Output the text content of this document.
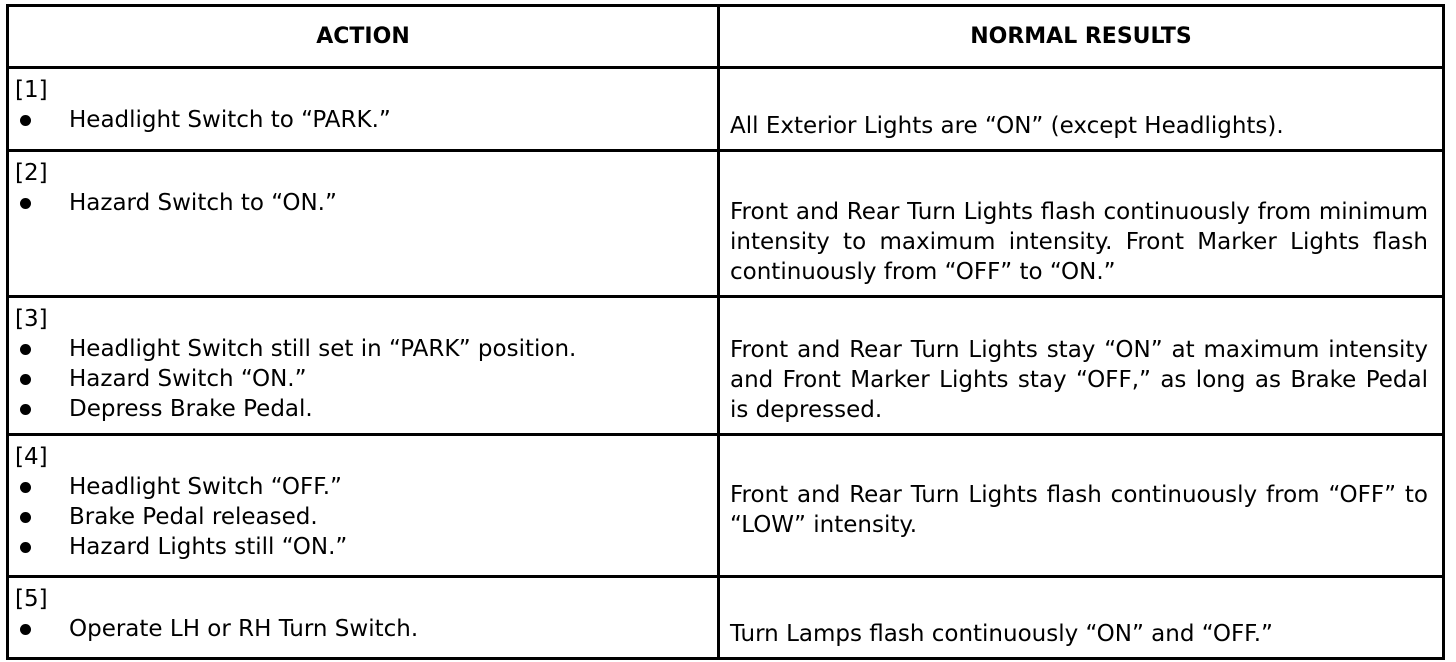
ACTION	NORMAL RESULTS

[1]
Headlight Switch to “PARK.”	All Exterior Lights are “ON” (except Headlights).

[2]
Hazard Switch to “ON.”	Front and Rear Turn Lights flash continuously from minimum intensity to maximum intensity. Front Marker Lights flash continuously from “OFF” to “ON.”

[3]
Headlight Switch still set in “PARK” position.
Hazard Switch “ON.”
Depress Brake Pedal.	Front and Rear Turn Lights stay “ON” at maximum intensity and Front Marker Lights stay “OFF,” as long as Brake Pedal is depressed.

[4]
Headlight Switch “OFF.”
Brake Pedal released.
Hazard Lights still “ON.”	Front and Rear Turn Lights flash continuously from “OFF” to “LOW” intensity.

[5]
Operate LH or RH Turn Switch.	Turn Lamps flash continuously “ON” and “OFF.”
